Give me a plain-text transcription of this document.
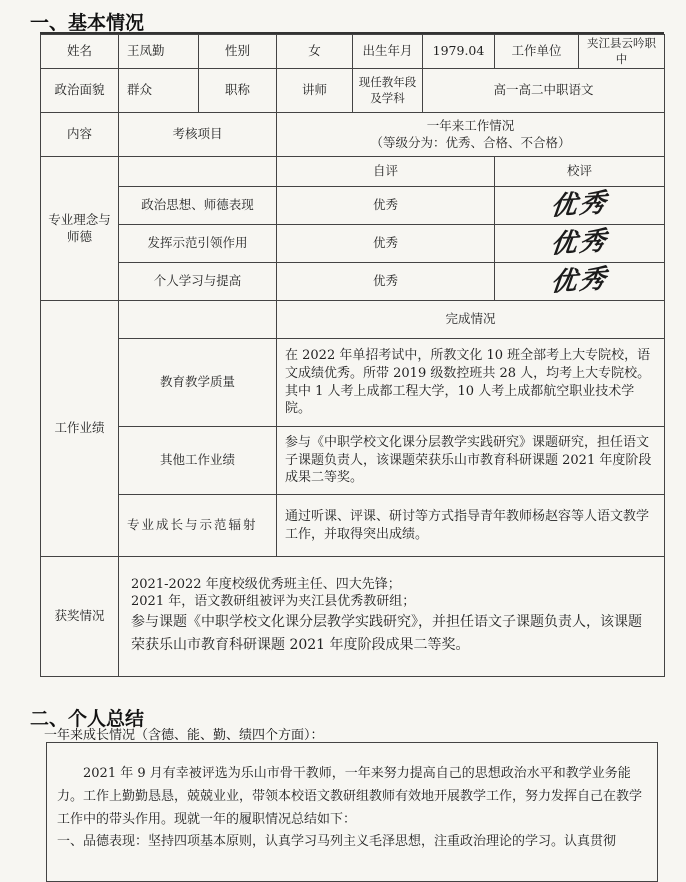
一、基本情况
姓名	王凤勤	性别	女	出生年月	1979.04	工作单位	夹江县云吟职中
政治面貌	群众	职称	讲师	现任教年段及学科	高一高二中职语文		
内容	考核项目		一年来工作情况
（等级分为：优秀、合格、不合格）				

专业理念与师德			自评			校评	
	政治思想、师德表现		优秀			优秀	
	发挥示范引领作用		优秀			优秀	
	个人学习与提高		优秀			优秀	
工作业绩			完成情况				
	教育教学质量		在 2022 年单招考试中，所教文化 10 班全部考上大专院校，语文成绩优秀。所带 2019 级数控班共 28 人，均考上大专院校。其中 1 人考上成都工程大学，10 人考上成都航空职业技术学院。				
	其他工作业绩		参与《中职学校文化课分层教学实践研究》课题研究，担任语文子课题负责人，该课题荣获乐山市教育科研课题 2021 年度阶段成果二等奖。				
	专业成长与示范辐射		通过听课、评课、研讨等方式指导青年教师杨赵容等人语文教学工作，并取得突出成绩。				
获奖情况	2021-2022 年度校级优秀班主任、四大先锋；
2021 年，语文教研组被评为夹江县优秀教研组；
参与课题《中职学校文化课分层教学实践研究》，并担任语文子课题负责人，该课题荣获乐山市教育科研课题 2021 年度阶段成果二等奖。						
二、个人总结
一年来成长情况（含德、能、勤、绩四个方面）：

2021 年 9 月有幸被评选为乐山市骨干教师，一年来努力提高自己的思想政治水平和教学业务能力。工作上勤勤恳恳，兢兢业业，带领本校语文教研组教师有效地开展教学工作，努力发挥自己在教学工作中的带头作用。现就一年的履职情况总结如下：

一、品德表现：坚持四项基本原则，认真学习马列主义毛泽思想，注重政治理论的学习。认真贯彻
